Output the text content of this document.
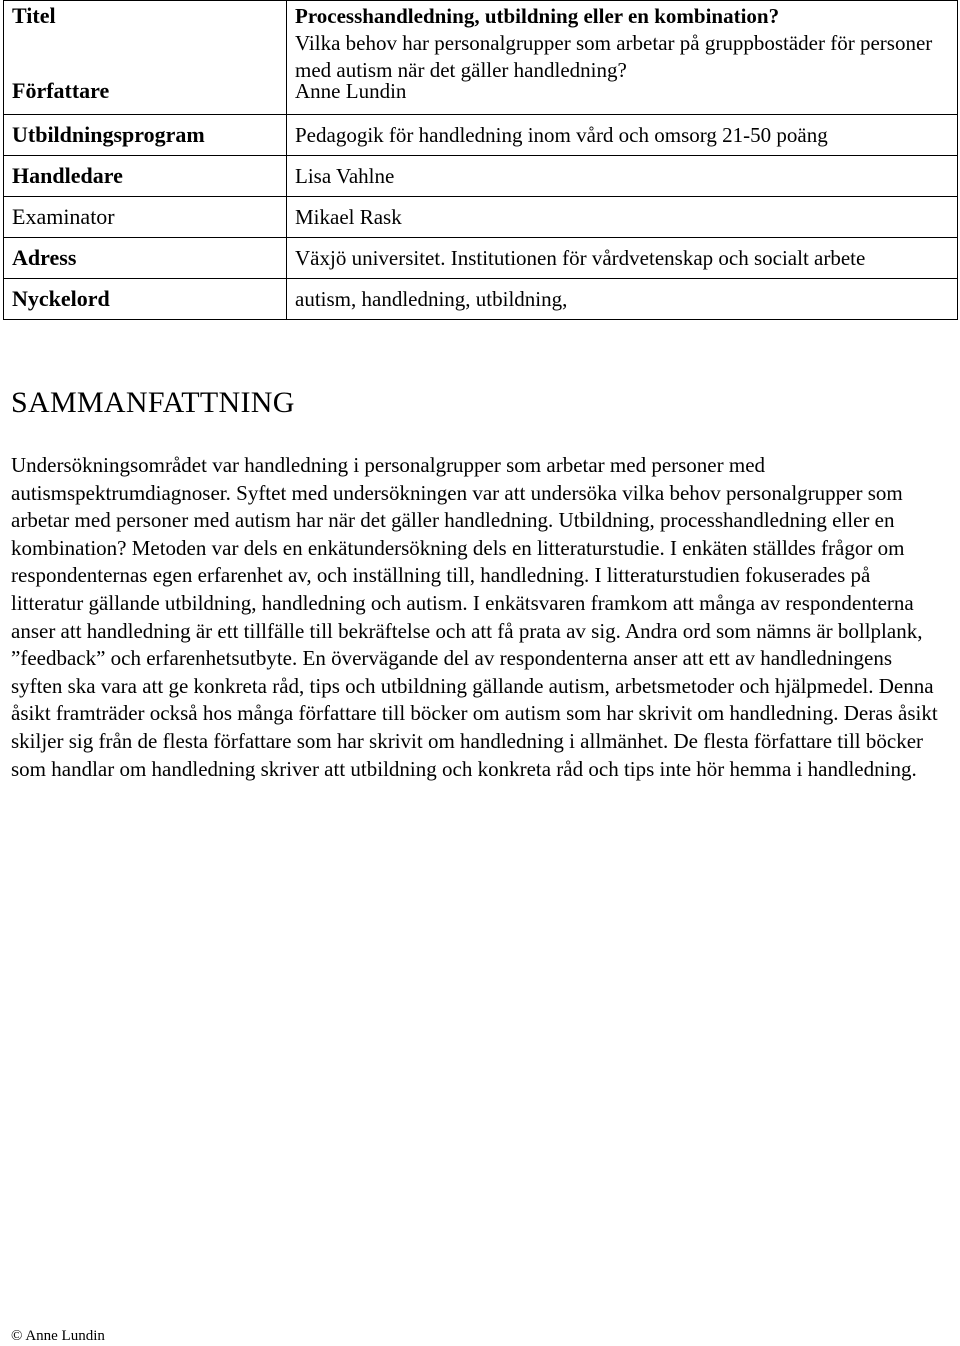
Titel	Processhandledning, utbildning eller en kombination?
Vilka behov har personalgrupper som arbetar på gruppbostäder för personer med autism när det gäller handledning?

Författare	Anne Lundin

Utbildningsprogram	Pedagogik för handledning inom vård och omsorg 21-50 poäng

Handledare	Lisa Vahlne

Examinator	Mikael Rask

Adress	Växjö universitet. Institutionen för vårdvetenskap och socialt arbete

Nyckelord	autism, handledning, utbildning,
SAMMANFATTNING

Undersökningsområdet var handledning i personalgrupper som arbetar med personer med autismspektrumdiagnoser. Syftet med undersökningen var att undersöka vilka behov personalgrupper som arbetar med personer med autism har när det gäller handledning. Utbildning, processhandledning eller en kombination? Metoden var dels en enkätundersökning dels en litteraturstudie. I enkäten ställdes frågor om respondenternas egen erfarenhet av, och inställning till, handledning. I litteraturstudien fokuserades på litteratur gällande utbildning, handledning och autism. I enkätsvaren framkom att många av respondenterna anser att handledning är ett tillfälle till bekräftelse och att få prata av sig. Andra ord som nämns är bollplank, ”feedback” och erfarenhetsutbyte. En övervägande del av respondenterna anser att ett av handledningens syften ska vara att ge konkreta råd, tips och utbildning gällande autism, arbetsmetoder och hjälpmedel. Denna åsikt framträder också hos många författare till böcker om autism som har skrivit om handledning. Deras åsikt skiljer sig från de flesta författare som har skrivit om handledning i allmänhet. De flesta författare till böcker som handlar om handledning skriver att utbildning och konkreta råd och tips inte hör hemma i handledning.

© Anne Lundin
